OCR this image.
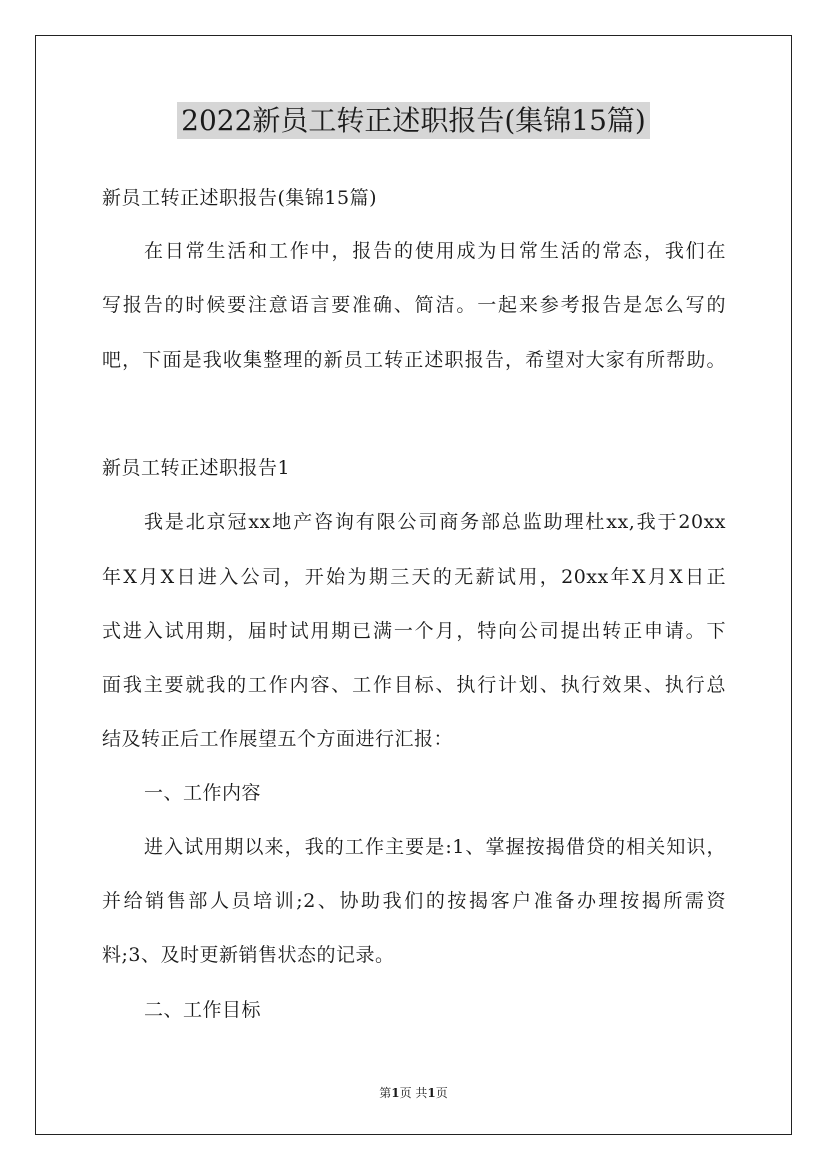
2022新员工转正述职报告(集锦15篇)
新员工转正述职报告(集锦15篇)
在日常生活和工作中，报告的使用成为日常生活的常态，我们在
写报告的时候要注意语言要准确、简洁。一起来参考报告是怎么写的
吧，下面是我收集整理的新员工转正述职报告，希望对大家有所帮助。
新员工转正述职报告1
我是北京冠xx地产咨询有限公司商务部总监助理杜xx,我于20xx
年X月X日进入公司，开始为期三天的无薪试用，20xx年X月X日正
式进入试用期，届时试用期已满一个月，特向公司提出转正申请。下
面我主要就我的工作内容、工作目标、执行计划、执行效果、执行总
结及转正后工作展望五个方面进行汇报：
一、工作内容
进入试用期以来，我的工作主要是:1、掌握按揭借贷的相关知识，
并给销售部人员培训;2、协助我们的按揭客户准备办理按揭所需资
料;3、及时更新销售状态的记录。
二、工作目标
第1页 共1页
